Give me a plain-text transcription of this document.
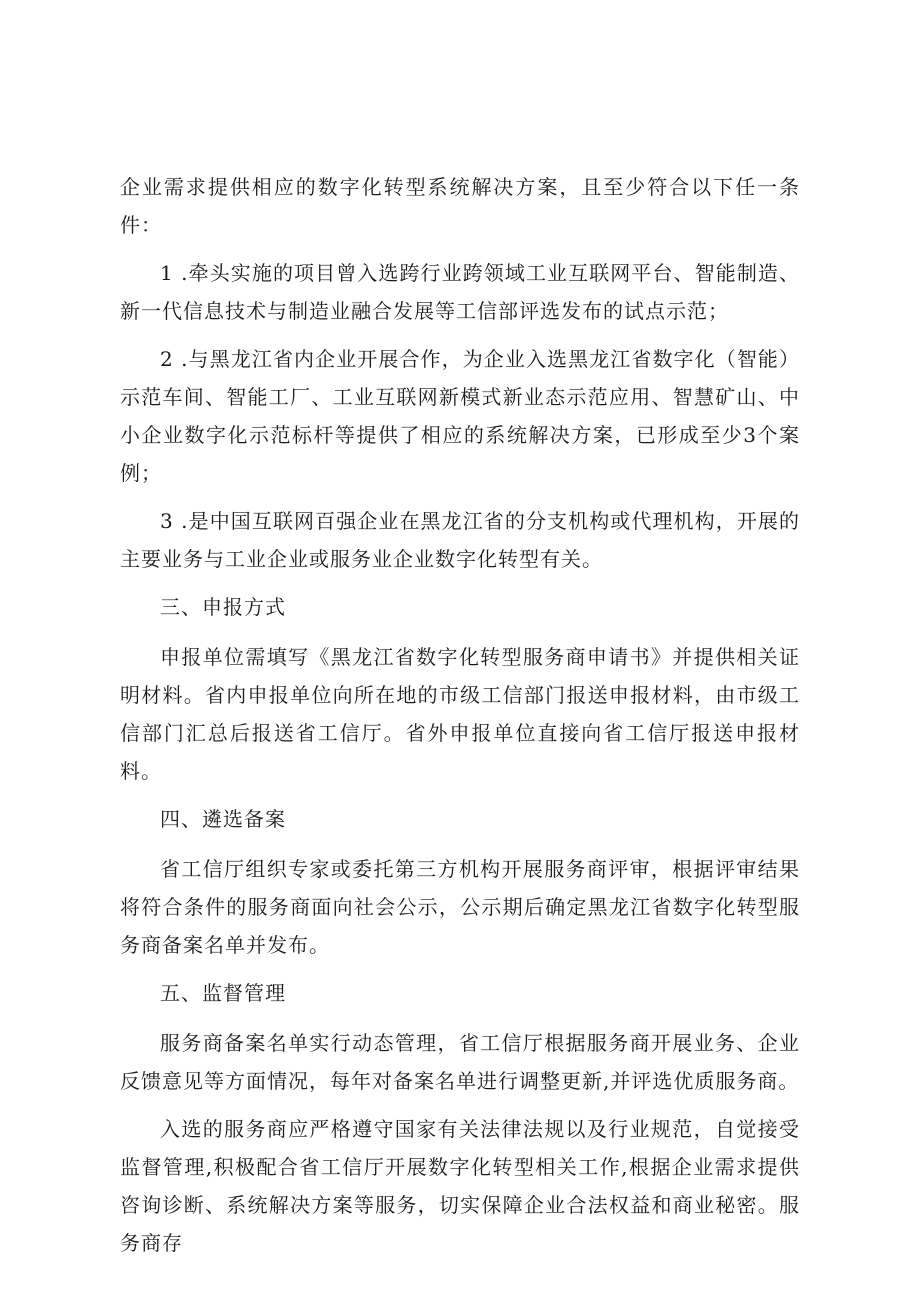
企业需求提供相应的数字化转型系统解决方案，且至少符合以下任一条件：

1 .牵头实施的项目曾入选跨行业跨领域工业互联网平台、智能制造、新一代信息技术与制造业融合发展等工信部评选发布的试点示范；

2 .与黑龙江省内企业开展合作，为企业入选黑龙江省数字化（智能）示范车间、智能工厂、工业互联网新模式新业态示范应用、智慧矿山、中小企业数字化示范标杆等提供了相应的系统解决方案，已形成至少3个案例；

3 .是中国互联网百强企业在黑龙江省的分支机构或代理机构，开展的主要业务与工业企业或服务业企业数字化转型有关。

三、申报方式

申报单位需填写《黑龙江省数字化转型服务商申请书》并提供相关证明材料。省内申报单位向所在地的市级工信部门报送申报材料，由市级工信部门汇总后报送省工信厅。省外申报单位直接向省工信厅报送申报材料。

四、遴选备案

省工信厅组织专家或委托第三方机构开展服务商评审，根据评审结果将符合条件的服务商面向社会公示，公示期后确定黑龙江省数字化转型服务商备案名单并发布。

五、监督管理

服务商备案名单实行动态管理，省工信厅根据服务商开展业务、企业反馈意见等方面情况，每年对备案名单进行调整更新,并评选优质服务商。

入选的服务商应严格遵守国家有关法律法规以及行业规范，自觉接受监督管理,积极配合省工信厅开展数字化转型相关工作,根据企业需求提供咨询诊断、系统解决方案等服务，切实保障企业合法权益和商业秘密。服务商存
